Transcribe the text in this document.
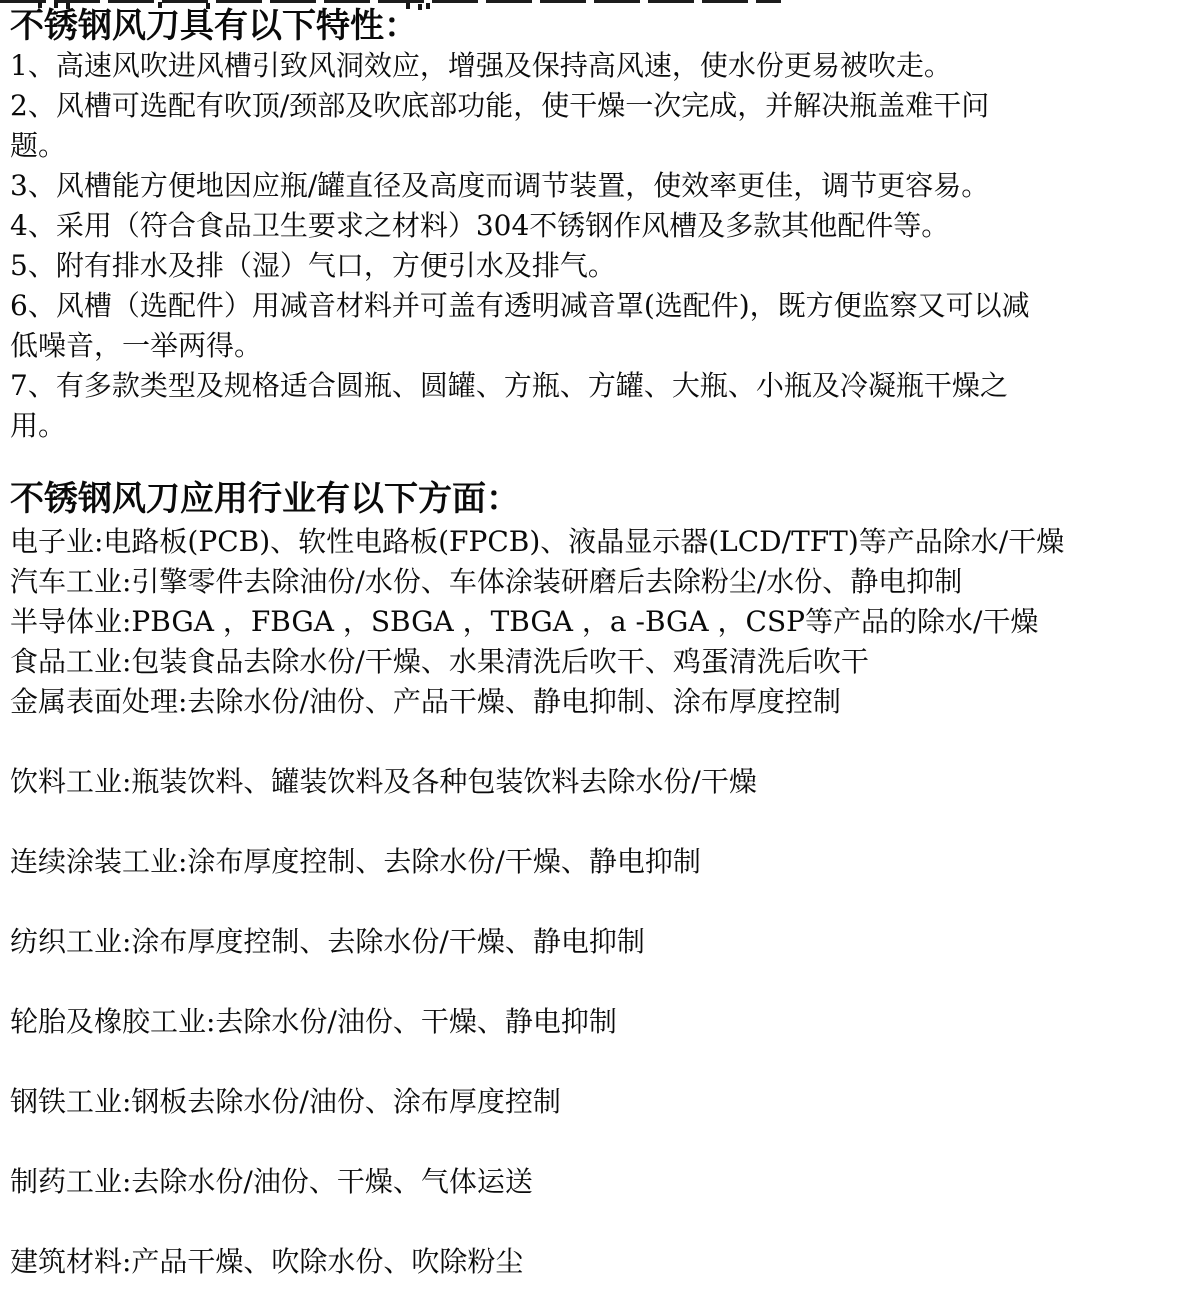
不锈钢风刀具有以下特性：

1、高速风吹进风槽引致风洞效应，增强及保持高风速，使水份更易被吹走。

2、风槽可选配有吹顶/颈部及吹底部功能，使干燥一次完成，并解决瓶盖难干问

题。

3、风槽能方便地因应瓶/罐直径及高度而调节装置，使效率更佳，调节更容易。

4、采用（符合食品卫生要求之材料）304不锈钢作风槽及多款其他配件等。

5、附有排水及排（湿）气口，方便引水及排气。

6、风槽（选配件）用减音材料并可盖有透明减音罩(选配件)，既方便监察又可以减

低噪音，一举两得。

7、有多款类型及规格适合圆瓶、圆罐、方瓶、方罐、大瓶、小瓶及冷凝瓶干燥之

用。

不锈钢风刀应用行业有以下方面：

电子业:电路板(PCB)、软性电路板(FPCB)、液晶显示器(LCD/TFT)等产品除水/干燥

汽车工业:引擎零件去除油份/水份、车体涂装研磨后去除粉尘/水份、静电抑制

半导体业:PBGA ，FBGA ，SBGA ，TBGA ，a -BGA ，CSP等产品的除水/干燥

食品工业:包装食品去除水份/干燥、水果清洗后吹干、鸡蛋清洗后吹干

金属表面处理:去除水份/油份、产品干燥、静电抑制、涂布厚度控制

饮料工业:瓶装饮料、罐装饮料及各种包装饮料去除水份/干燥

连续涂装工业:涂布厚度控制、去除水份/干燥、静电抑制

纺织工业:涂布厚度控制、去除水份/干燥、静电抑制

轮胎及橡胶工业:去除水份/油份、干燥、静电抑制

钢铁工业:钢板去除水份/油份、涂布厚度控制

制药工业:去除水份/油份、干燥、气体运送

建筑材料:产品干燥、吹除水份、吹除粉尘
